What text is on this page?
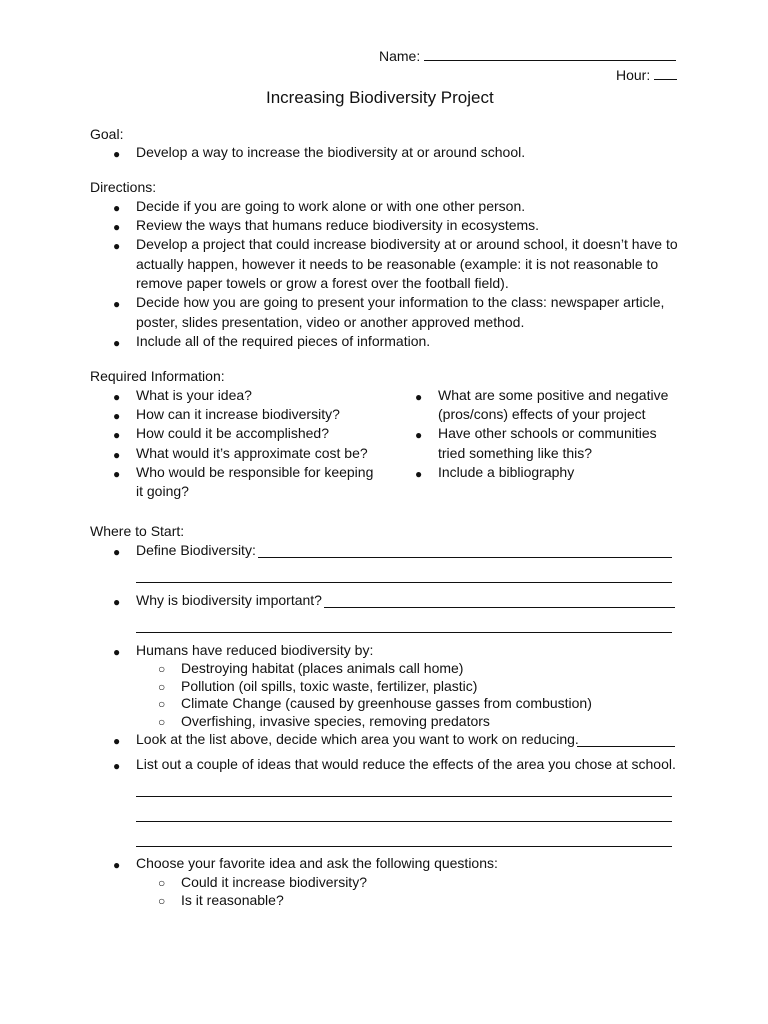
Name:
Hour:
Increasing Biodiversity Project
Goal:
● Develop a way to increase the biodiversity at or around school.
Directions:
● Decide if you are going to work alone or with one other person.
● Review the ways that humans reduce biodiversity in ecosystems.
● Develop a project that could increase biodiversity at or around school, it doesn’t have to
actually happen, however it needs to be reasonable (example: it is not reasonable to
remove paper towels or grow a forest over the football field).
● Decide how you are going to present your information to the class: newspaper article,
poster, slides presentation, video or another approved method.
● Include all of the required pieces of information.
Required Information:
● What is your idea?
● How can it increase biodiversity?
● How could it be accomplished?
● What would it’s approximate cost be?
● Who would be responsible for keeping
it going?
● What are some positive and negative
(pros/cons) effects of your project
● Have other schools or communities
tried something like this?
● Include a bibliography
Where to Start:
● Define Biodiversity:
● Why is biodiversity important?
● Humans have reduced biodiversity by:
○ Destroying habitat (places animals call home)
○ Pollution (oil spills, toxic waste, fertilizer, plastic)
○ Climate Change (caused by greenhouse gasses from combustion)
○ Overfishing, invasive species, removing predators
● Look at the list above, decide which area you want to work on reducing.
● List out a couple of ideas that would reduce the effects of the area you chose at school.
● Choose your favorite idea and ask the following questions:
○ Could it increase biodiversity?
○ Is it reasonable?
